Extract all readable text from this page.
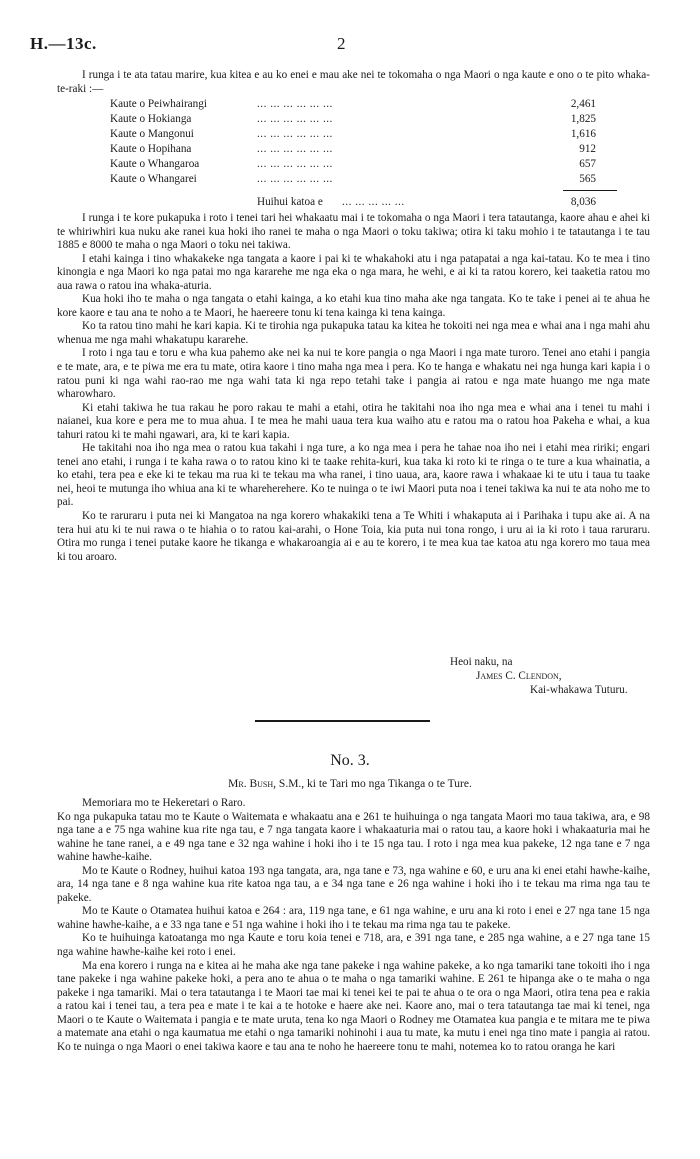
H.—13c.	2

I runga i te ata tatau marire, kua kitea e au ko enei e mau ake nei te tokomaha o nga Maori o nga kaute e ono o te pito whaka-te-raki :—

Kaute o Peiwhairangi	... ... ... ... ... ...	2,461
Kaute o Hokianga	... ... ... ... ... ...	1,825
Kaute o Mangonui	... ... ... ... ... ...	1,616
Kaute o Hopihana	... ... ... ... ... ...	912
Kaute o Whangaroa	... ... ... ... ... ...	657
Kaute o Whangarei	... ... ... ... ... ...	565
Huihui katoa e ... ... ... ... ...	8,036

I runga i te kore pukapuka i roto i tenei tari hei whakaatu mai i te tokomaha o nga Maori i tera tatautanga, kaore ahau e ahei ki te whiriwhiri kua nuku ake ranei kua hoki iho ranei te maha o nga Maori o toku takiwa; otira ki taku mohio i te tatautanga i te tau 1885 e 8000 te maha o nga Maori o toku nei takiwa.

I etahi kainga i tino whakakeke nga tangata a kaore i pai ki te whakahoki atu i nga patapatai a nga kai-tatau. Ko te mea i tino kinongia e nga Maori ko nga patai mo nga kararehe me nga eka o nga mara, he wehi, e ai ki ta ratou korero, kei taaketia ratou mo aua rawa o ratou ina whaka-aturia.

Kua hoki iho te maha o nga tangata o etahi kainga, a ko etahi kua tino maha ake nga tangata. Ko te take i penei ai te ahua he kore kaore e tau ana te noho a te Maori, he haereere tonu ki tena kainga ki tena kainga.

Ko ta ratou tino mahi he kari kapia. Ki te tirohia nga pukapuka tatau ka kitea he tokoiti nei nga mea e whai ana i nga mahi ahu whenua me nga mahi whakatupu kararehe.

I roto i nga tau e toru e wha kua pahemo ake nei ka nui te kore pangia o nga Maori i nga mate turoro. Tenei ano etahi i pangia e te mate, ara, e te piwa me era tu mate, otira kaore i tino maha nga mea i pera. Ko te hanga e whakatu nei nga hunga kari kapia i o ratou puni ki nga wahi rao-rao me nga wahi tata ki nga repo tetahi take i pangia ai ratou e nga mate huango me nga mate wharowharo.

Ki etahi takiwa he tua rakau he poro rakau te mahi a etahi, otira he takitahi noa iho nga mea e whai ana i tenei tu mahi i naianei, kua kore e pera me to mua ahua. I te mea he mahi uaua tera kua waiho atu e ratou ma o ratou hoa Pakeha e whai, a kua tahuri ratou ki te mahi ngawari, ara, ki te kari kapia.

He takitahi noa iho nga mea o ratou kua takahi i nga ture, a ko nga mea i pera he tahae noa iho nei i etahi mea ririki; engari tenei ano etahi, i runga i te kaha rawa o to ratou kino ki te taake rehita-kuri, kua taka ki roto ki te ringa o te ture a kua whainatia, a ko etahi, tera pea e eke ki te tekau ma rua ki te tekau ma wha ranei, i tino uaua, ara, kaore rawa i whakaae ki te utu i taua tu taake nei, heoi te mutunga iho whiua ana ki te wharehereherе. Ko te nuinga o te iwi Maori puta noa i tenei takiwa ka nui te ata noho me to pai.

Ko te raruraru i puta nei ki Mangatoa na nga korero whakakiki tena a Te Whiti i whakaputa ai i Parihaka i tupu ake ai. A na tera hui atu ki te nui rawa o te hiahia o to ratou kai-arahi, o Hone Toia, kia puta nui tona rongo, i uru ai ia ki roto i taua raruraru. Otira mo runga i tenei putake kaore he tikanga e whakaroangia ai e au te korero, i te mea kua tae katoa atu nga korero mo taua mea ki tou aroaro.

Heoi naku, na
James C. Clendon,
Kai-whakawa Tuturu.
No. 3.
Mr. Bush, S.M., ki te Tari mo nga Tikanga o te Ture.

Memoriara mo te Hekeretari o Raro.

Ko nga pukapuka tatau mo te Kaute o Waitemata e whakaatu ana e 261 te huihuinga o nga tangata Maori mo taua takiwa, ara, e 98 nga tane a e 75 nga wahine kua rite nga tau, e 7 nga tangata kaore i whakaaturia mai o ratou tau, a kaore hoki i whakaaturia mai he wahine he tane ranei, a e 49 nga tane e 32 nga wahine i hoki iho i te 15 nga tau. I roto i nga mea kua pakeke, 12 nga tane e 7 nga wahine hawhe-kaihe.

Mo te Kaute o Rodney, huihui katoa 193 nga tangata, ara, nga tane e 73, nga wahine e 60, e uru ana ki enei etahi hawhe-kaihe, ara, 14 nga tane e 8 nga wahine kua rite katoa nga tau, a e 34 nga tane e 26 nga wahine i hoki iho i te tekau ma rima nga tau te pakeke.

Mo te Kaute o Otamatea huihui katoa e 264 : ara, 119 nga tane, e 61 nga wahine, e uru ana ki roto i enei e 27 nga tane 15 nga wahine hawhe-kaihe, a e 33 nga tane e 51 nga wahine i hoki iho i te tekau ma rima nga tau te pakeke.

Ko te huihuinga katoatanga mo nga Kaute e toru koia tenei e 718, ara, e 391 nga tane, e 285 nga wahine, a e 27 nga tane 15 nga wahine hawhe-kaihe kei roto i enei.

Ma ena korero i runga na e kitea ai he maha ake nga tane pakeke i nga wahine pakeke, a ko nga tamariki tane tokoiti iho i nga tane pakeke i nga wahine pakeke hoki, a pera ano te ahua o te maha o nga tamariki wahine. E 261 te hipanga ake o te maha o nga pakeke i nga tamariki. Mai o tera tatautanga i te Maori tae mai ki tenei kei te pai te ahua o te ora o nga Maori, otira tena pea e rakia a ratou kai i tenei tau, a tera pea e mate i te kai a te hotoke e haere ake nei. Kaore ano, mai o tera tatautanga tae mai ki tenei, nga Maori o te Kaute o Waitemata i pangia e te mate uruta, tena ko nga Maori o Rodney me Otamatea kua pangia e te mitara me te piwa a matemate ana etahi o nga kaumatua me etahi o nga tamariki nohinohi i aua tu mate, ka mutu i enei nga tino mate i pangia ai ratou. Ko te nuinga o nga Maori o enei takiwa kaore e tau ana te noho he haereere tonu te mahi, notemea ko to ratou oranga he kari
